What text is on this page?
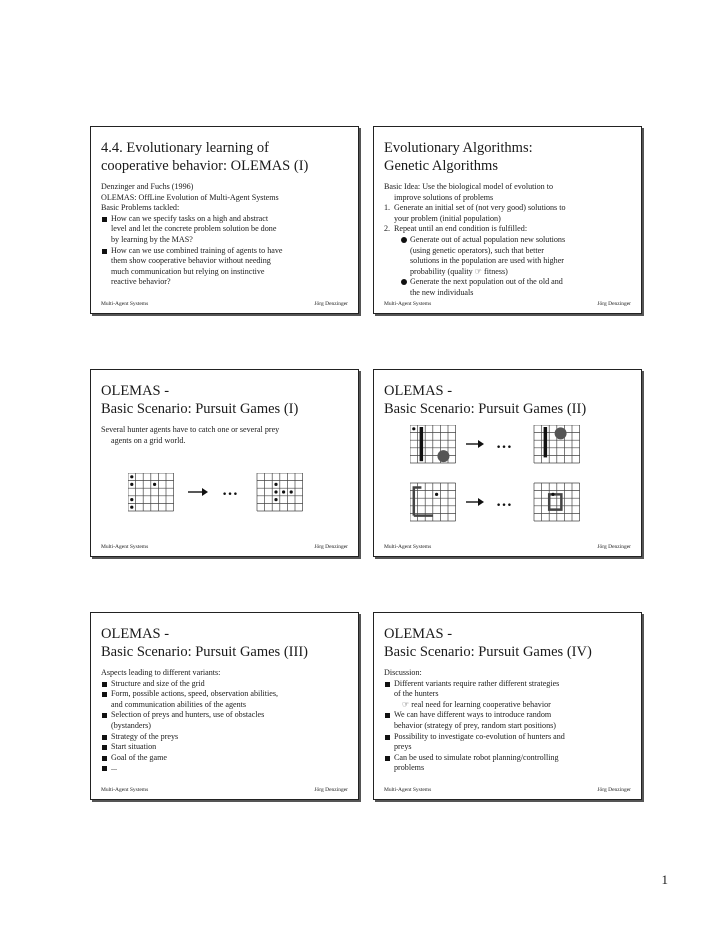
4.4. Evolutionary learning of
cooperative behavior: OLEMAS (I)
Denzinger and Fuchs (1996)
OLEMAS: OffLine Evolution of Multi-Agent Systems
Basic Problems tackled:
How can we specify tasks on a high and abstract
level and let the concrete problem solution be done
by learning by the MAS?
How can we use combined training of agents to have
them show cooperative behavior without needing
much communication but relying on instinctive
reactive behavior?
Multi-Agent Systems	Jörg Denzinger
Evolutionary Algorithms:
Genetic Algorithms
Basic Idea: Use the biological model of evolution to
improve solutions of problems
1. Generate an initial set of (not very good) solutions to
your problem (initial population)
2. Repeat until an end condition is fulfilled:
Generate out of actual population new solutions
(using genetic operators), such that better
solutions in the population are used with higher
probability (quality ☞ fitness)
Generate the next population out of the old and
the new individuals
Multi-Agent Systems	Jörg Denzinger
OLEMAS -
Basic Scenario: Pursuit Games (I)
Several hunter agents have to catch one or several prey
agents on a grid world.
…
Multi-Agent Systems	Jörg Denzinger
OLEMAS -
Basic Scenario: Pursuit Games (II)
…
…
Multi-Agent Systems	Jörg Denzinger
OLEMAS -
Basic Scenario: Pursuit Games (III)
Aspects leading to different variants:
Structure and size of the grid
Form, possible actions, speed, observation abilities,
and communication abilities of the agents
Selection of preys and hunters, use of obstacles
(bystanders)
Strategy of the preys
Start situation
Goal of the game
...
Multi-Agent Systems	Jörg Denzinger
OLEMAS -
Basic Scenario: Pursuit Games (IV)
Discussion:
Different variants require rather different strategies
of the hunters
☞ real need for learning cooperative behavior
We can have different ways to introduce random
behavior (strategy of prey, random start positions)
Possibility to investigate co-evolution of hunters and
preys
Can be used to simulate robot planning/controlling
problems
Multi-Agent Systems	Jörg Denzinger
1
